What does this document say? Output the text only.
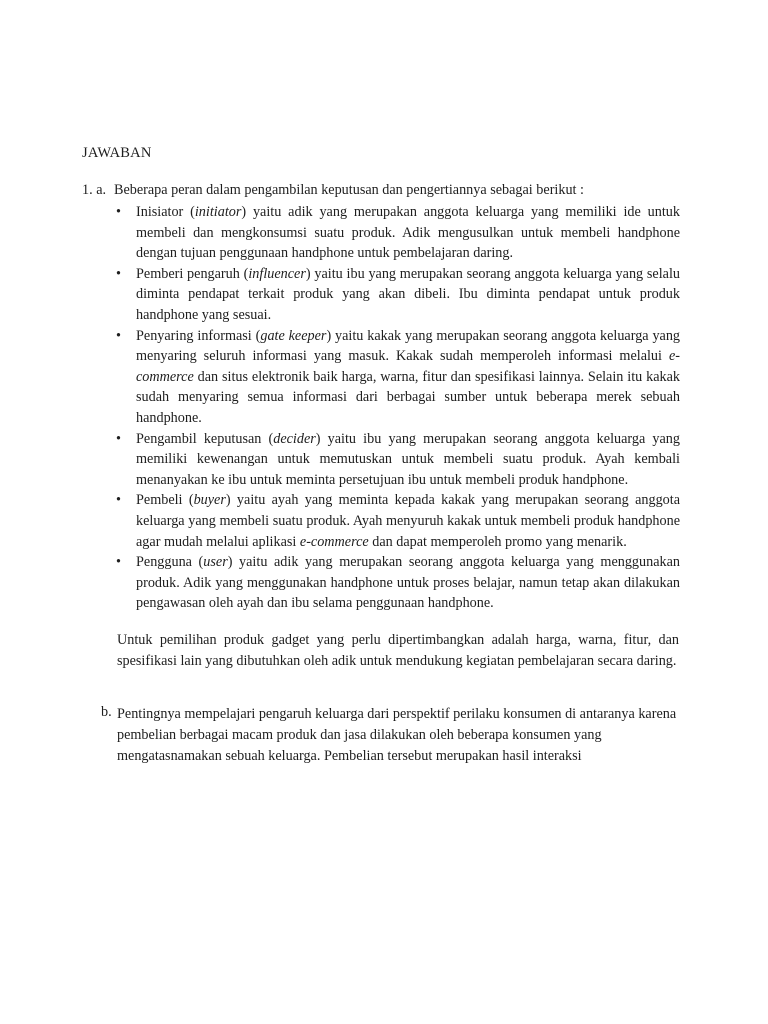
JAWABAN
1. a. Beberapa peran dalam pengambilan keputusan dan pengertiannya sebagai berikut :
• Inisiator (initiator) yaitu adik yang merupakan anggota keluarga yang memiliki ide untuk membeli dan mengkonsumsi suatu produk. Adik mengusulkan untuk membeli handphone dengan tujuan penggunaan handphone untuk pembelajaran daring.
• Pemberi pengaruh (influencer) yaitu ibu yang merupakan seorang anggota keluarga yang selalu diminta pendapat terkait produk yang akan dibeli. Ibu diminta pendapat untuk produk handphone yang sesuai.
• Penyaring informasi (gate keeper) yaitu kakak yang merupakan seorang anggota keluarga yang menyaring seluruh informasi yang masuk. Kakak sudah memperoleh informasi melalui e-commerce dan situs elektronik baik harga, warna, fitur dan spesifikasi lainnya. Selain itu kakak sudah menyaring semua informasi dari berbagai sumber untuk beberapa merek sebuah handphone.
• Pengambil keputusan (decider) yaitu ibu yang merupakan seorang anggota keluarga yang memiliki kewenangan untuk memutuskan untuk membeli suatu produk. Ayah kembali menanyakan ke ibu untuk meminta persetujuan ibu untuk membeli produk handphone.
• Pembeli (buyer) yaitu ayah yang meminta kepada kakak yang merupakan seorang anggota keluarga yang membeli suatu produk. Ayah menyuruh kakak untuk membeli produk handphone agar mudah melalui aplikasi e-commerce dan dapat memperoleh promo yang menarik.
• Pengguna (user) yaitu adik yang merupakan seorang anggota keluarga yang menggunakan produk. Adik yang menggunakan handphone untuk proses belajar, namun tetap akan dilakukan pengawasan oleh ayah dan ibu selama penggunaan handphone.
Untuk pemilihan produk gadget yang perlu dipertimbangkan adalah harga, warna, fitur, dan spesifikasi lain yang dibutuhkan oleh adik untuk mendukung kegiatan pembelajaran secara daring.
b. Pentingnya mempelajari pengaruh keluarga dari perspektif perilaku konsumen di antaranya karena pembelian berbagai macam produk dan jasa dilakukan oleh beberapa konsumen yang mengatasnamakan sebuah keluarga. Pembelian tersebut merupakan hasil interaksi
